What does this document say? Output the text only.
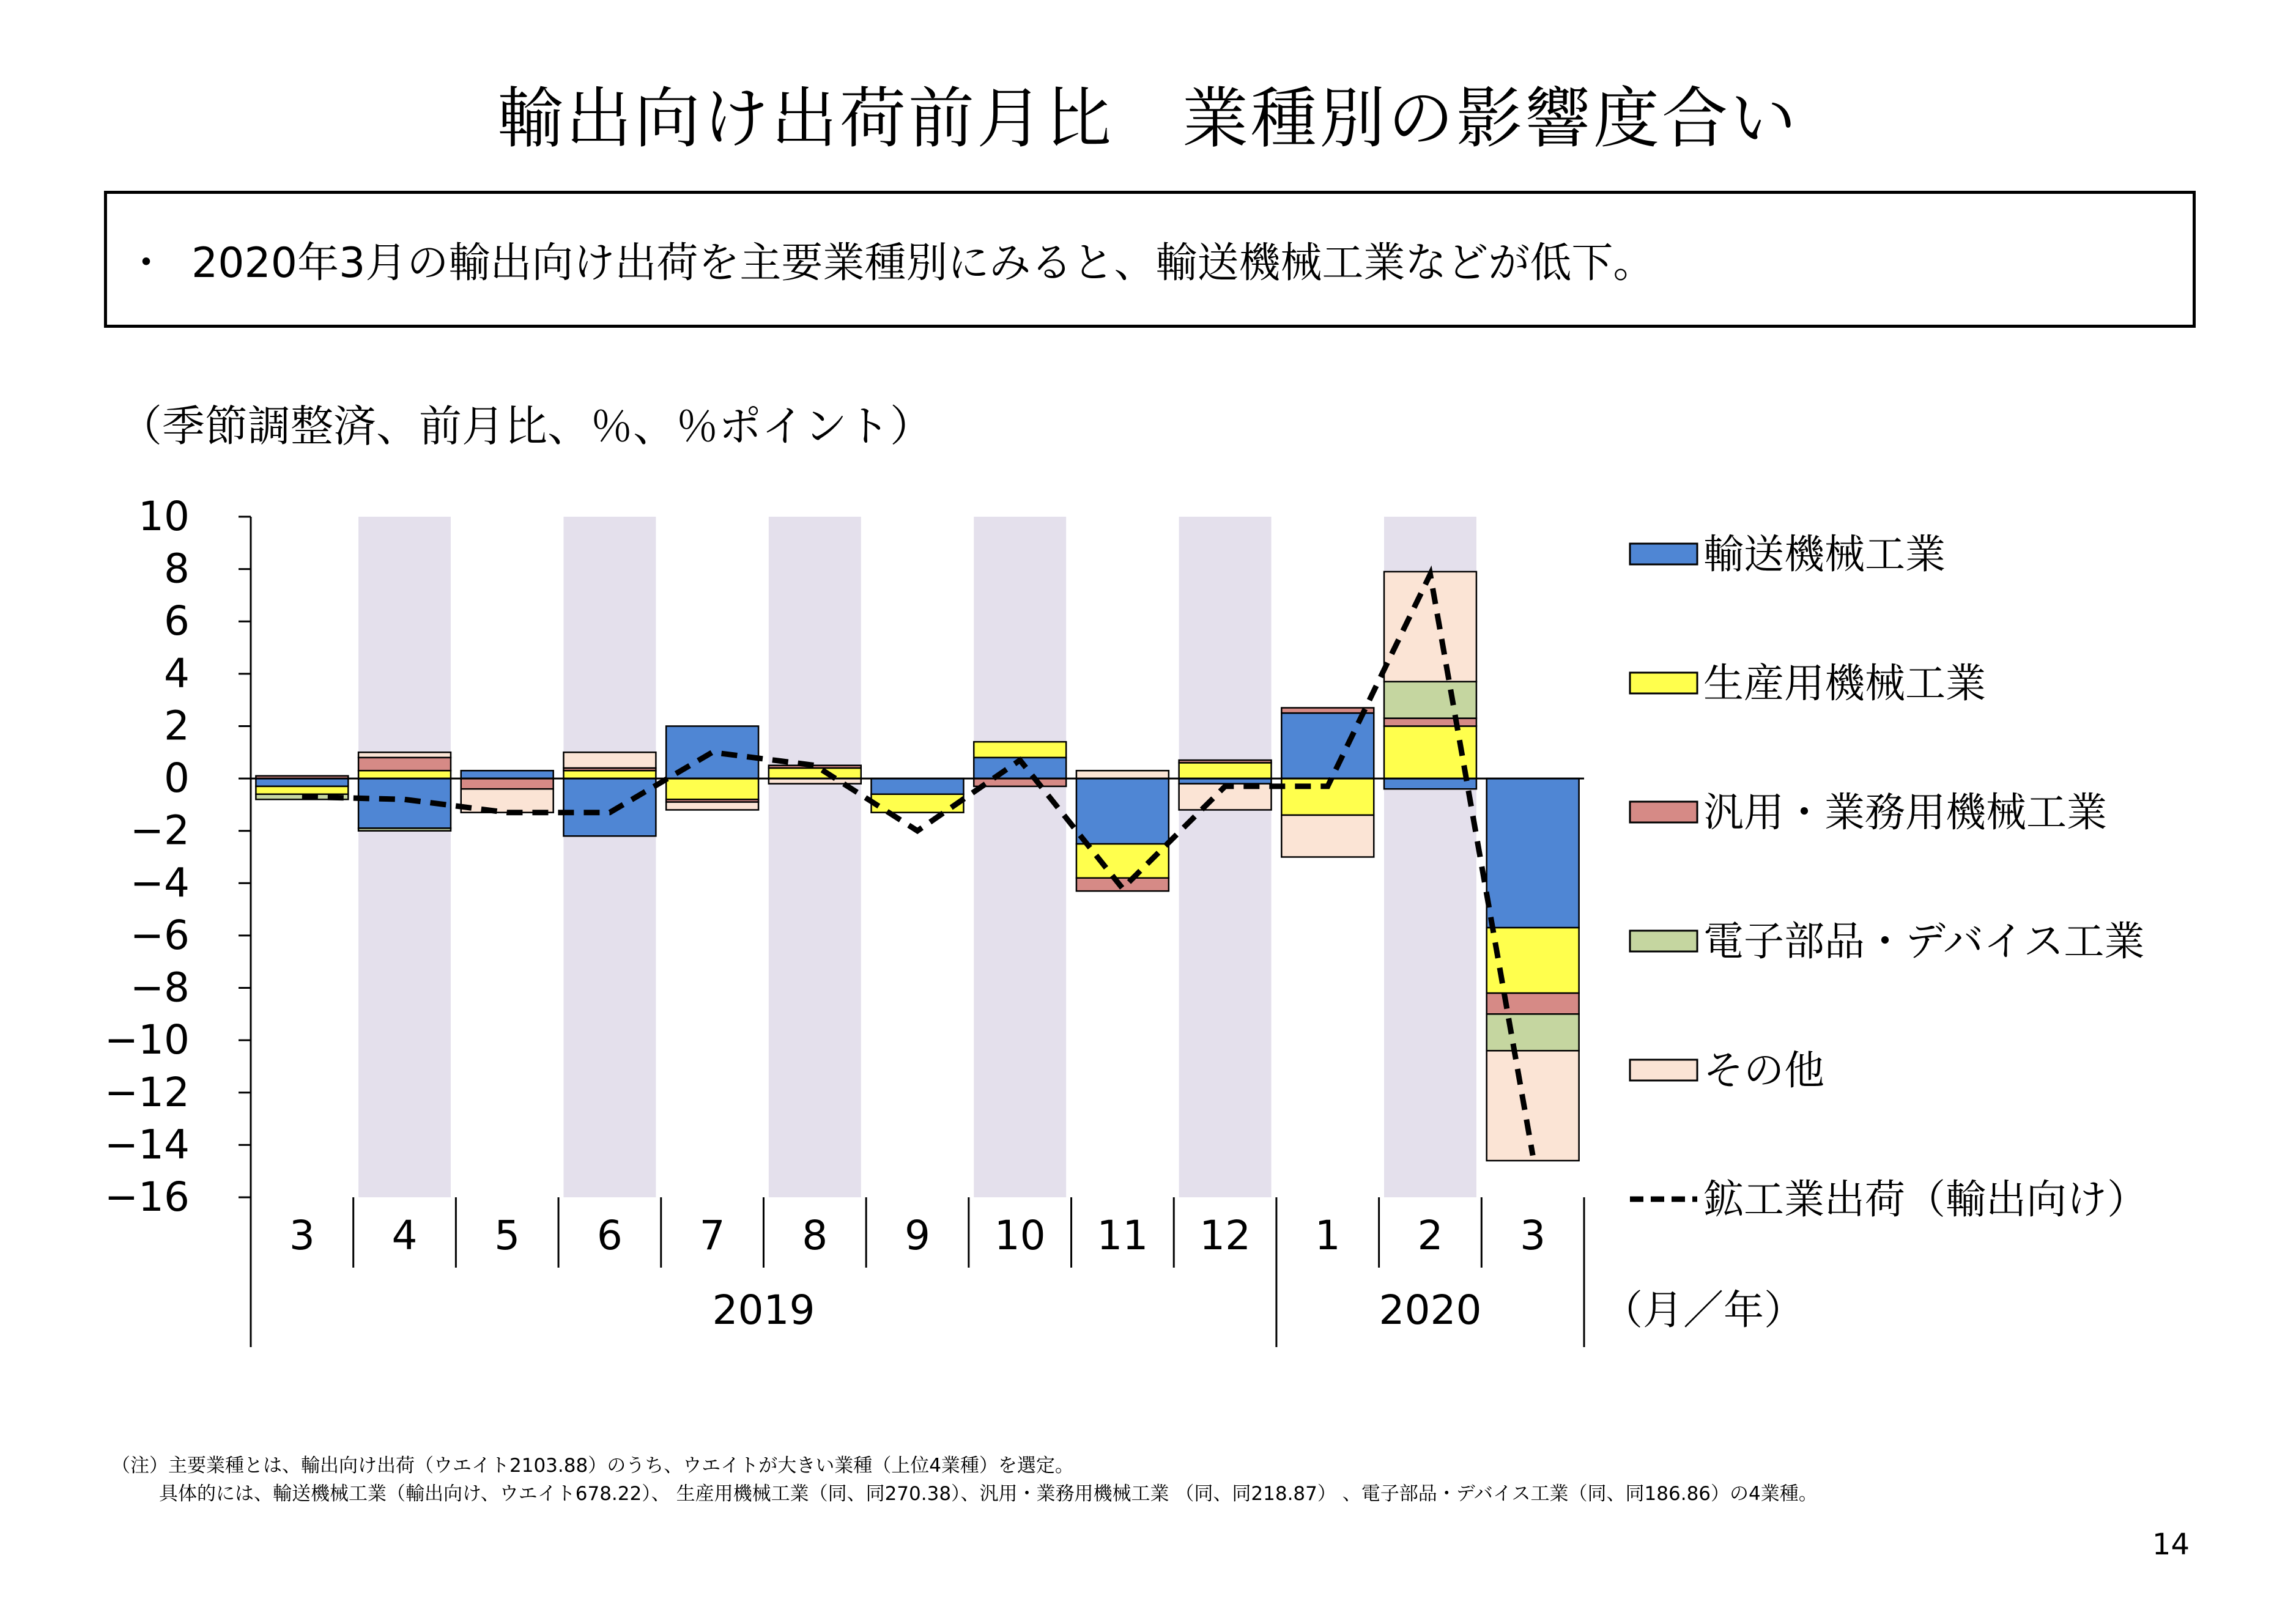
輸出向け出荷前月比　業種別の影響度合い
・ 2020年3月の輸出向け出荷を主要業種別にみると、輸送機械工業などが低下。
（季節調整済、前月比、％、％ポイント）
10
8
6
4
2
0
−2
−4
−6
−8
−10
−12
−14
−16
3 4 5 6 7 8 9 10 11 12 1 2 3
2019	2020	（月／年）
輸送機械工業
生産用機械工業
汎用・業務用機械工業
電子部品・デバイス工業
その他
鉱工業出荷（輸出向け）
（注）主要業種とは、輸出向け出荷（ウエイト2103.88）のうち、ウエイトが大きい業種（上位4業種）を選定。
具体的には、輸送機械工業（輸出向け、ウエイト678.22）、 生産用機械工業（同、同270.38）、汎用・業務用機械工業 （同、同218.87） 、電子部品・デバイス工業（同、同186.86）の4業種。
14
